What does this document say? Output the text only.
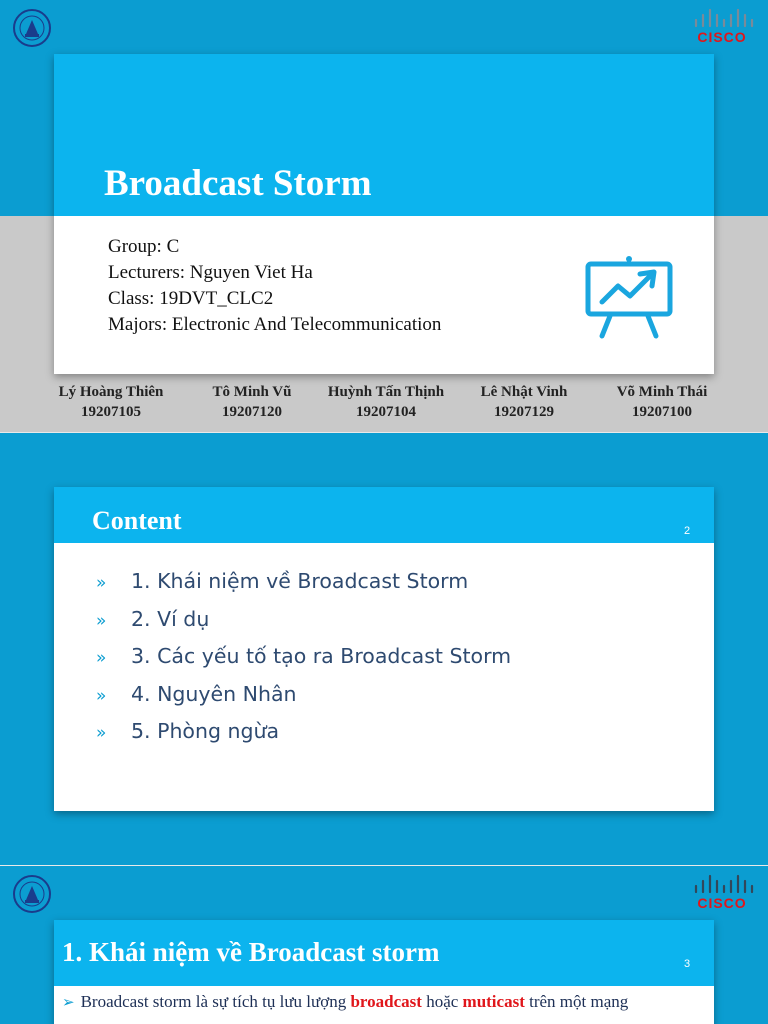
CISCO
Broadcast Storm
Group: C
Lecturers: Nguyen Viet Ha
Class: 19DVT_CLC2
Majors: Electronic And Telecommunication
Lý Hoàng Thiên
19207105
Tô Minh Vũ
19207120
Huỳnh Tấn Thịnh
19207104
Lê Nhật Vinh
19207129
Võ Minh Thái
19207100
Content	2
» 1. Khái niệm về Broadcast Storm
» 2. Ví dụ
» 3. Các yếu tố tạo ra Broadcast Storm
» 4. Nguyên Nhân
» 5. Phòng ngừa
CISCO
1. Khái niệm về Broadcast storm	3
➢ Broadcast storm là sự tích tụ lưu lượng broadcast hoặc muticast trên một mạng
